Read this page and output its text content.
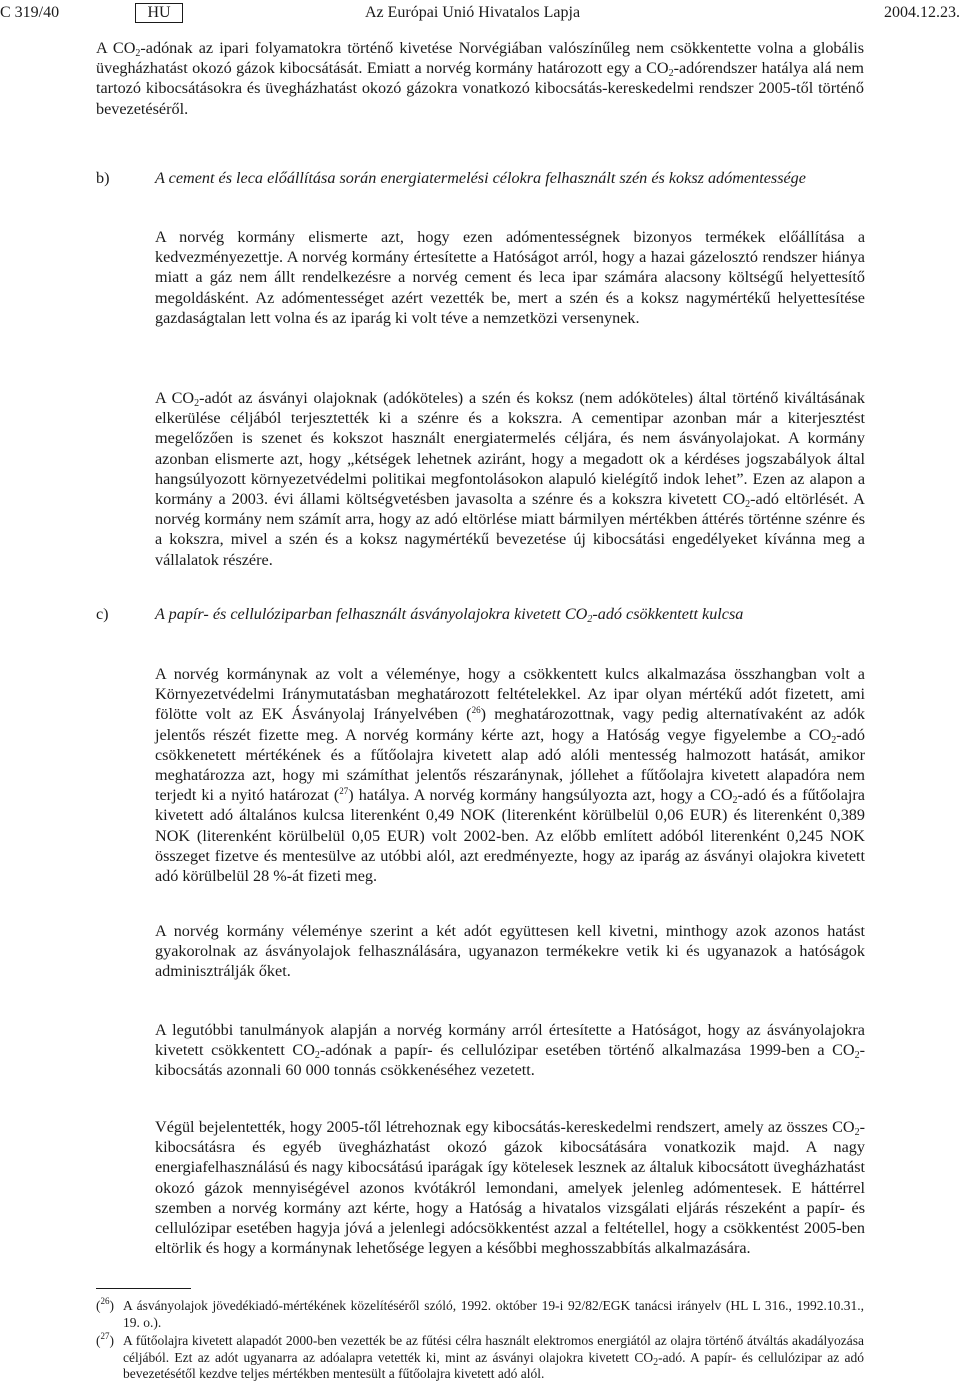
C 319/40	HU	Az Európai Unió Hivatalos Lapja	2004.12.23.

A $CO_2$-adónak az ipari folyamatokra történő kivetése Norvégiában valószínűleg nem csökkentette volna a globális üvegházhatást okozó gázok kibocsátását. Emiatt a norvég kormány határozott egy a $CO_2$-adórendszer hatálya alá nem tartozó kibocsátásokra és üvegházhatást okozó gázokra vonatkozó kibocsátás-kereskedelmi rendszer 2005-től történő bevezetéséről.

b)	A cement és leca előállítása során energiatermelési célokra felhasznált szén és koksz adómentessége

A norvég kormány elismerte azt, hogy ezen adómentességnek bizonyos termékek előállítása a kedvezményezettje. A norvég kormány értesítette a Hatóságot arról, hogy a hazai gázelosztó rendszer hiánya miatt a gáz nem állt rendelkezésre a norvég cement és leca ipar számára alacsony költségű helyettesítő megoldásként. Az adómentességet azért vezették be, mert a szén és a koksz nagymértékű helyettesítése gazdaságtalan lett volna és az iparág ki volt téve a nemzetközi versenynek.

A $CO_2$-adót az ásványi olajoknak (adóköteles) a szén és koksz (nem adóköteles) által történő kiváltásának elkerülése céljából terjesztették ki a szénre és a kokszra. A cementipar azonban már a kiterjesztést megelőzően is szenet és kokszot használt energiatermelés céljára, és nem ásványolajokat. A kormány azonban elismerte azt, hogy „kétségek lehetnek aziránt, hogy a megadott ok a kérdéses jogszabályok által hangsúlyozott környezetvédelmi politikai megfontolásokon alapuló kielégítő indok lehet”. Ezen az alapon a kormány a 2003. évi állami költségvetésben javasolta a szénre és a kokszra kivetett $CO_2$-adó eltörlését. A norvég kormány nem számít arra, hogy az adó eltörlése miatt bármilyen mértékben áttérés történne szénre és a kokszra, mivel a szén és a koksz nagymértékű bevezetése új kibocsátási engedélyeket kívánna meg a vállalatok részére.

c)	A papír- és cellulóziparban felhasznált ásványolajokra kivetett $CO_2$-adó csökkentett kulcsa

A norvég kormánynak az volt a véleménye, hogy a csökkentett kulcs alkalmazása összhangban volt a Környezetvédelmi Iránymutatásban meghatározott feltételekkel. Az ipar olyan mértékű adót fizetett, ami fölötte volt az EK Ásványolaj Irányelvében ($^{26}$) meghatározottnak, vagy pedig alternatívaként az adók jelentős részét fizette meg. A norvég kormány kérte azt, hogy a Hatóság vegye figyelembe a $CO_2$-adó csökkenetett mértékének és a fűtőolajra kivetett alap adó alóli mentesség halmozott hatását, amikor meghatározza azt, hogy mi számíthat jelentős részaránynak, jóllehet a fűtőolajra kivetett alapadóra nem terjedt ki a nyitó határozat ($^{27}$) hatálya. A norvég kormány hangsúlyozta azt, hogy a $CO_2$-adó és a fűtőolajra kivetett adó általános kulcsa literenként 0,49 NOK (literenként körülbelül 0,06 EUR) és literenként 0,389 NOK (literenként körülbelül 0,05 EUR) volt 2002-ben. Az előbb említett adóból literenként 0,245 NOK összeget fizetve és mentesülve az utóbbi alól, azt eredményezte, hogy az iparág az ásványi olajokra kivetett adó körülbelül 28 %-át fizeti meg.

A norvég kormány véleménye szerint a két adót együttesen kell kivetni, minthogy azok azonos hatást gyakorolnak az ásványolajok felhasználására, ugyanazon termékekre vetik ki és ugyanazok a hatóságok adminisztrálják őket.

A legutóbbi tanulmányok alapján a norvég kormány arról értesítette a Hatóságot, hogy az ásványolajokra kivetett csökkentett $CO_2$-adónak a papír- és cellulózipar esetében történő alkalmazása 1999-ben a $CO_2$-kibocsátás azonnali 60 000 tonnás csökkenéséhez vezetett.

Végül bejelentették, hogy 2005-től létrehoznak egy kibocsátás-kereskedelmi rendszert, amely az összes $CO_2$-kibocsátásra és egyéb üvegházhatást okozó gázok kibocsátására vonatkozik majd. A nagy energiafelhasználású és nagy kibocsátású iparágak így kötelesek lesznek az általuk kibocsátott üvegházhatást okozó gázok mennyiségével azonos kvótákról lemondani, amelyek jelenleg adómentesek. E háttérrel szemben a norvég kormány azt kérte, hogy a Hatóság a hivatalos vizsgálati eljárás részeként a papír- és cellulózipar esetében hagyja jóvá a jelenlegi adócsökkentést azzal a feltétellel, hogy a csökkentést 2005-ben eltörlik és hogy a kormánynak lehetősége legyen a későbbi meghosszabbítás alkalmazására.

($^{26}$) A ásványolajok jövedékiadó-mértékének közelítéséről szóló, 1992. október 19-i 92/82/EGK tanácsi irányelv (HL L 316., 1992.10.31., 19. o.).
($^{27}$) A fűtőolajra kivetett alapadót 2000-ben vezették be az fűtési célra használt elektromos energiától az olajra történő átváltás akadályozása céljából. Ezt az adót ugyanarra az adóalapra vetették ki, mint az ásványi olajokra kivetett $CO_2$-adó. A papír- és cellulózipar az adó bevezetésétől kezdve teljes mértékben mentesült a fűtőolajra kivetett adó alól.
